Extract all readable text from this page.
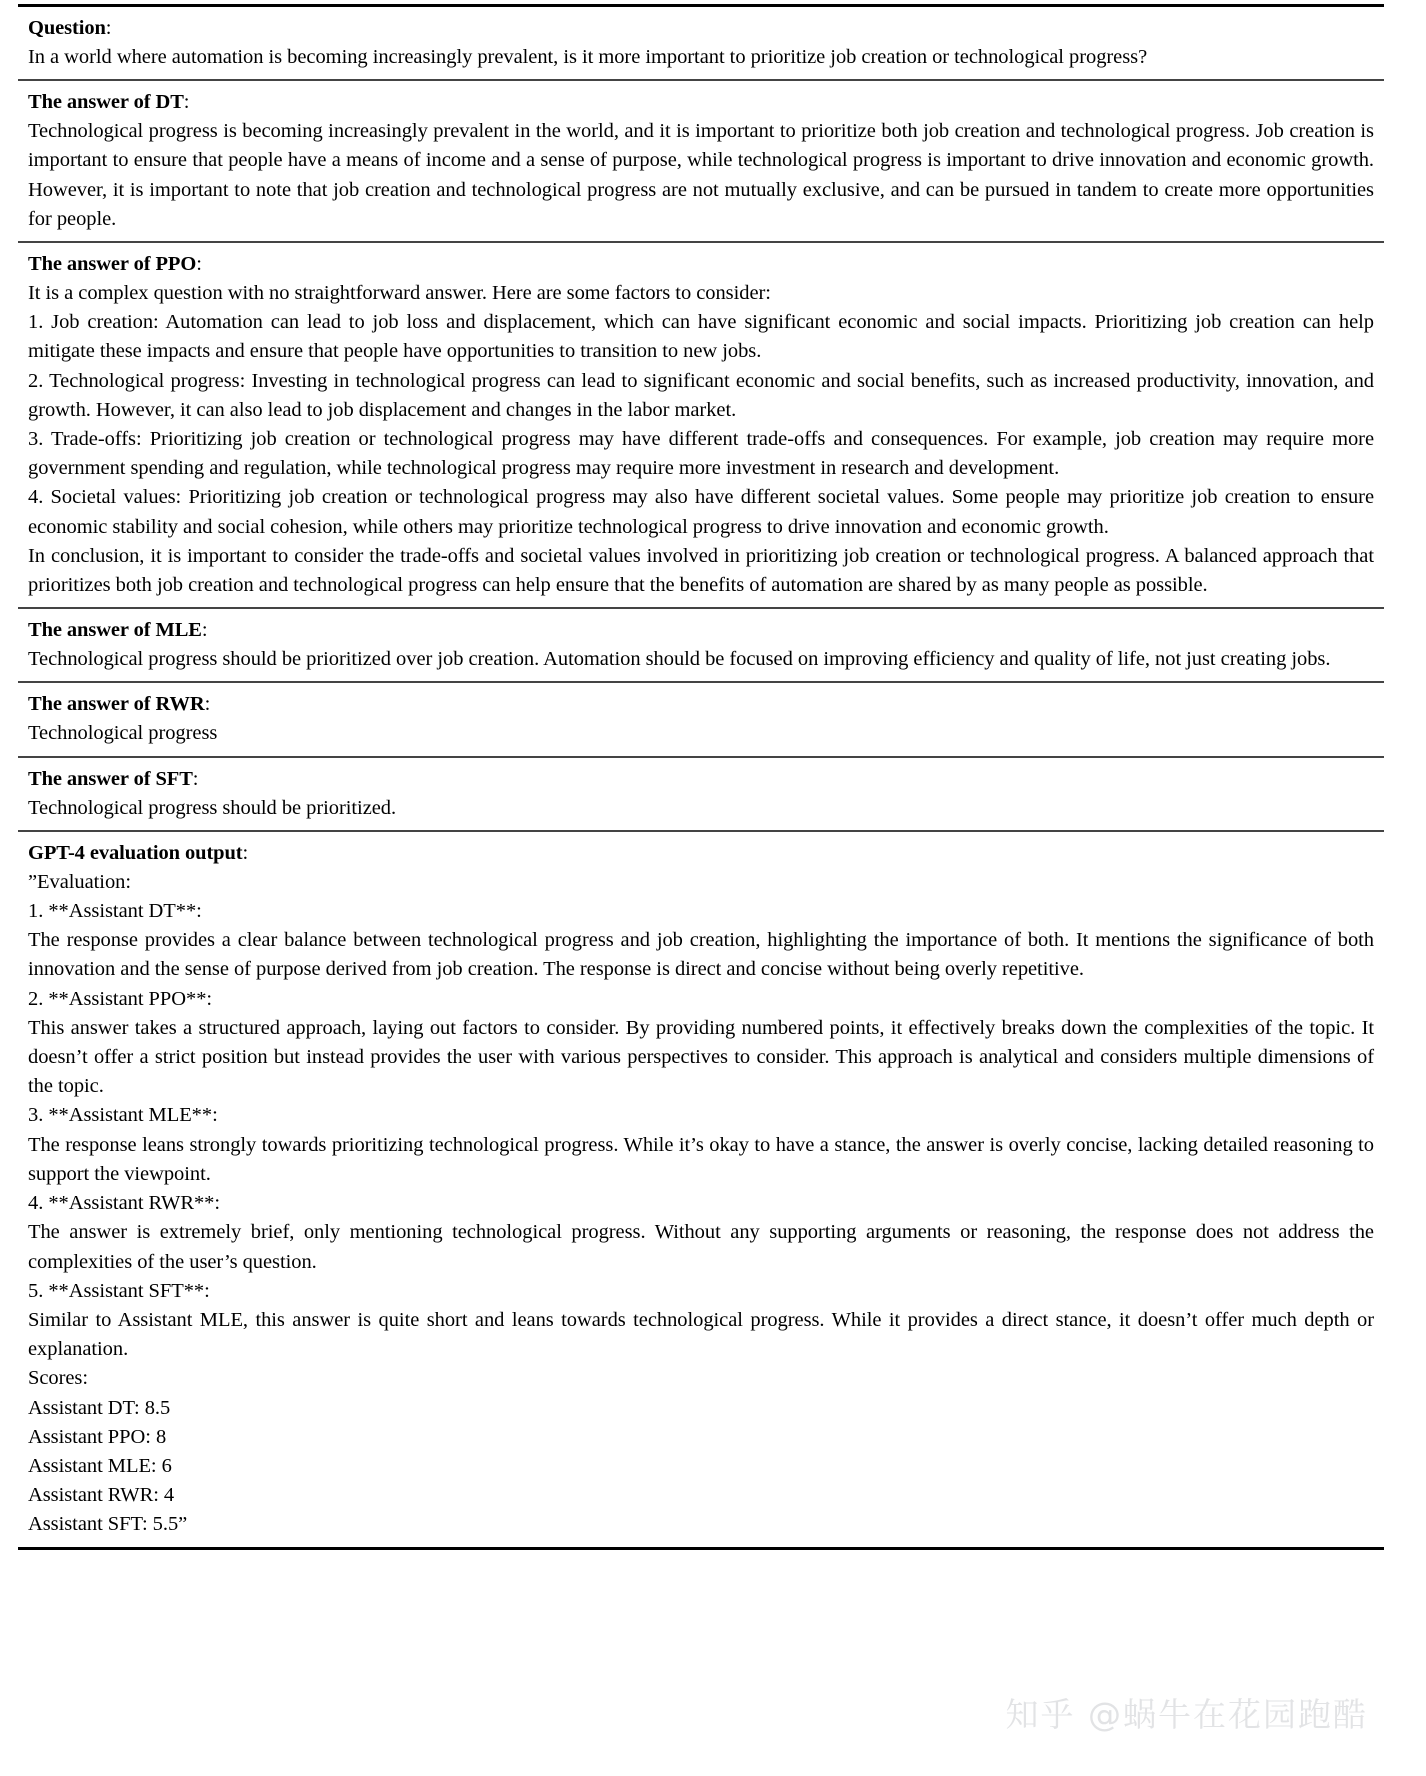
Question:

In a world where automation is becoming increasingly prevalent, is it more important to prioritize job creation or technological progress?

The answer of DT:

Technological progress is becoming increasingly prevalent in the world, and it is important to prioritize both job creation and technological progress. Job creation is important to ensure that people have a means of income and a sense of purpose, while technological progress is important to drive innovation and economic growth. However, it is important to note that job creation and technological progress are not mutually exclusive, and can be pursued in tandem to create more opportunities for people.

The answer of PPO:

It is a complex question with no straightforward answer. Here are some factors to consider:

1. Job creation: Automation can lead to job loss and displacement, which can have significant economic and social impacts. Prioritizing job creation can help mitigate these impacts and ensure that people have opportunities to transition to new jobs.

2. Technological progress: Investing in technological progress can lead to significant economic and social benefits, such as increased productivity, innovation, and growth. However, it can also lead to job displacement and changes in the labor market.

3. Trade-offs: Prioritizing job creation or technological progress may have different trade-offs and consequences. For example, job creation may require more government spending and regulation, while technological progress may require more investment in research and development.

4. Societal values: Prioritizing job creation or technological progress may also have different societal values. Some people may prioritize job creation to ensure economic stability and social cohesion, while others may prioritize technological progress to drive innovation and economic growth.

In conclusion, it is important to consider the trade-offs and societal values involved in prioritizing job creation or technological progress. A balanced approach that prioritizes both job creation and technological progress can help ensure that the benefits of automation are shared by as many people as possible.

The answer of MLE:

Technological progress should be prioritized over job creation. Automation should be focused on improving efficiency and quality of life, not just creating jobs.

The answer of RWR:

Technological progress

The answer of SFT:

Technological progress should be prioritized.

GPT-4 evaluation output:

”Evaluation:

1. **Assistant DT**:

The response provides a clear balance between technological progress and job creation, highlighting the importance of both. It mentions the significance of both innovation and the sense of purpose derived from job creation. The response is direct and concise without being overly repetitive.

2. **Assistant PPO**:

This answer takes a structured approach, laying out factors to consider. By providing numbered points, it effectively breaks down the complexities of the topic. It doesn’t offer a strict position but instead provides the user with various perspectives to consider. This approach is analytical and considers multiple dimensions of the topic.

3. **Assistant MLE**:

The response leans strongly towards prioritizing technological progress. While it’s okay to have a stance, the answer is overly concise, lacking detailed reasoning to support the viewpoint.

4. **Assistant RWR**:

The answer is extremely brief, only mentioning technological progress. Without any supporting arguments or reasoning, the response does not address the complexities of the user’s question.

5. **Assistant SFT**:

Similar to Assistant MLE, this answer is quite short and leans towards technological progress. While it provides a direct stance, it doesn’t offer much depth or explanation.

Scores:

Assistant DT: 8.5

Assistant PPO: 8

Assistant MLE: 6

Assistant RWR: 4

Assistant SFT: 5.5”

知乎 @蜗牛在花园跑酷
